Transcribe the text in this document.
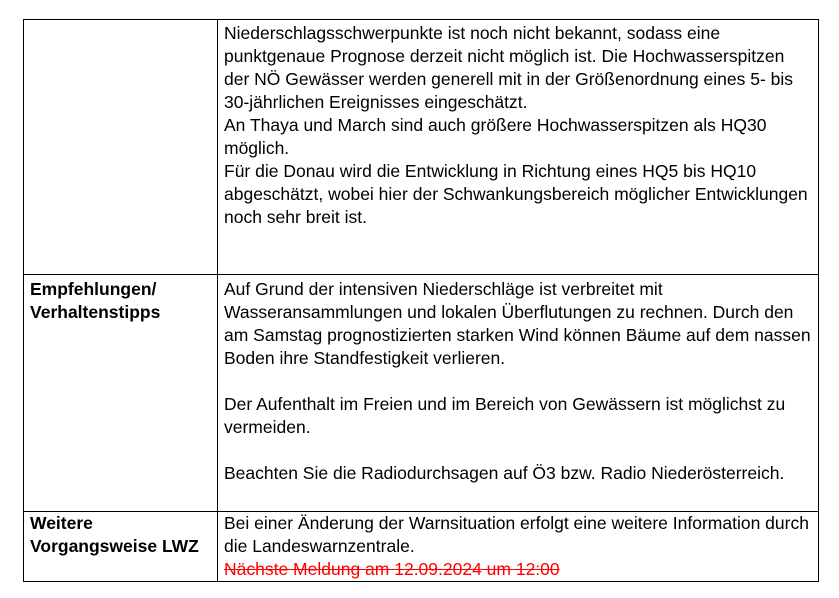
	Niederschlagsschwerpunkte ist noch nicht bekannt, sodass eine punktgenaue Prognose derzeit nicht möglich ist. Die Hochwasserspitzen der NÖ Gewässer werden generell mit in der Größenordnung eines 5- bis 30-jährlichen Ereignisses eingeschätzt.
An Thaya und March sind auch größere Hochwasserspitzen als HQ30 möglich.
Für die Donau wird die Entwicklung in Richtung eines HQ5 bis HQ10 abgeschätzt, wobei hier der Schwankungsbereich möglicher Entwicklungen noch sehr breit ist.

Empfehlungen/ Verhaltenstipps	Auf Grund der intensiven Niederschläge ist verbreitet mit Wasseransammlungen und lokalen Überflutungen zu rechnen. Durch den am Samstag prognostizierten starken Wind können Bäume auf dem nassen Boden ihre Standfestigkeit verlieren.
Der Aufenthalt im Freien und im Bereich von Gewässern ist möglichst zu vermeiden.
Beachten Sie die Radiodurchsagen auf Ö3 bzw. Radio Niederösterreich.

Weitere Vorgangsweise LWZ	Bei einer Änderung der Warnsituation erfolgt eine weitere Information durch die Landeswarnzentrale.
Nächste Meldung am 12.09.2024 um 12:00
